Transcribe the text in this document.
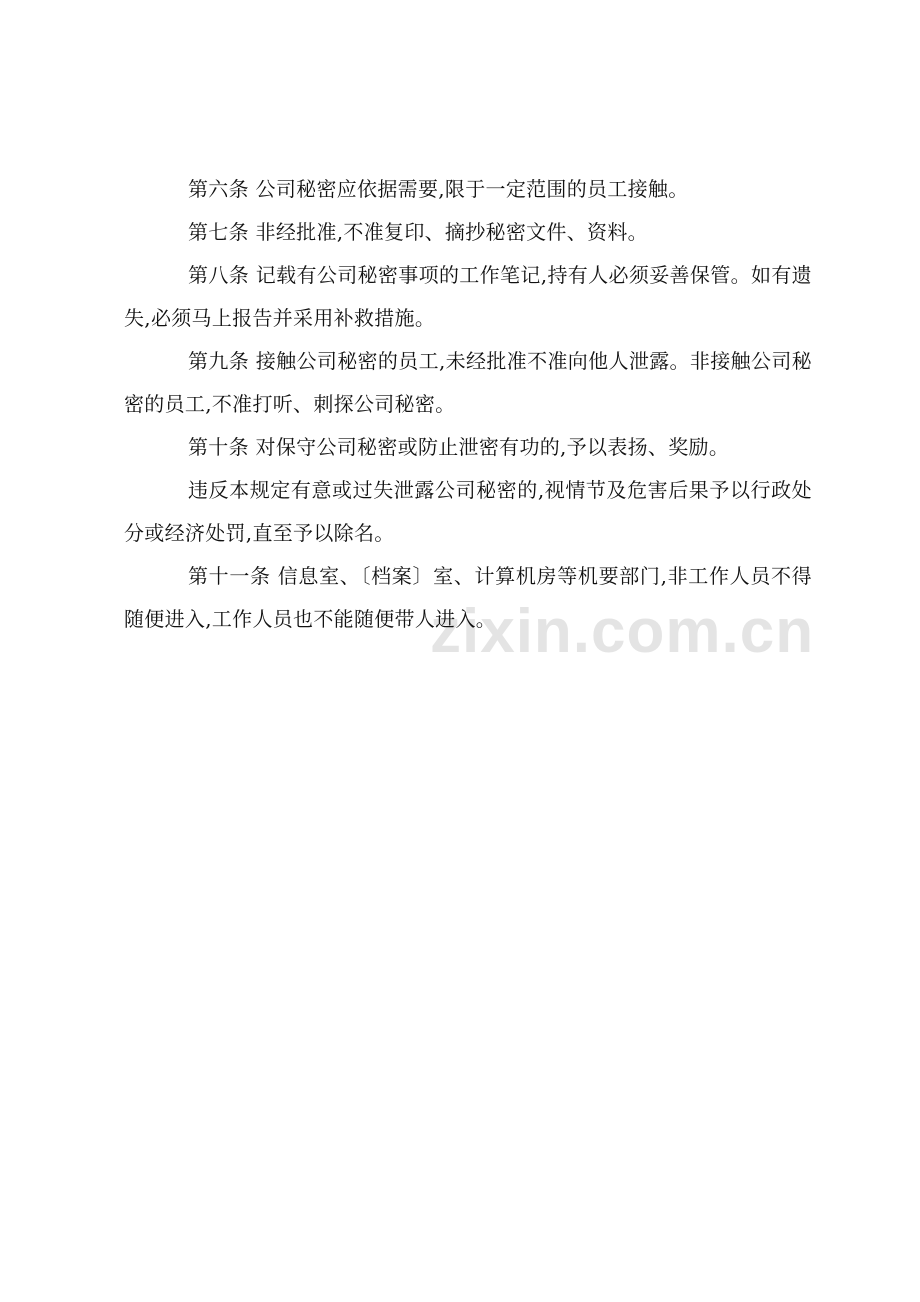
zixin.com.cn

第六条 公司秘密应依据需要,限于一定范围的员工接触。

第七条 非经批准,不准复印、摘抄秘密文件、资料。

第八条 记载有公司秘密事项的工作笔记,持有人必须妥善保管。如有遗失,必须马上报告并采用补救措施。

第九条 接触公司秘密的员工,未经批准不准向他人泄露。非接触公司秘密的员工,不准打听、刺探公司秘密。

第十条 对保守公司秘密或防止泄密有功的,予以表扬、奖励。

违反本规定有意或过失泄露公司秘密的,视情节及危害后果予以行政处分或经济处罚,直至予以除名。

第十一条 信息室、〔档案〕室、计算机房等机要部门,非工作人员不得随便进入,工作人员也不能随便带人进入。
